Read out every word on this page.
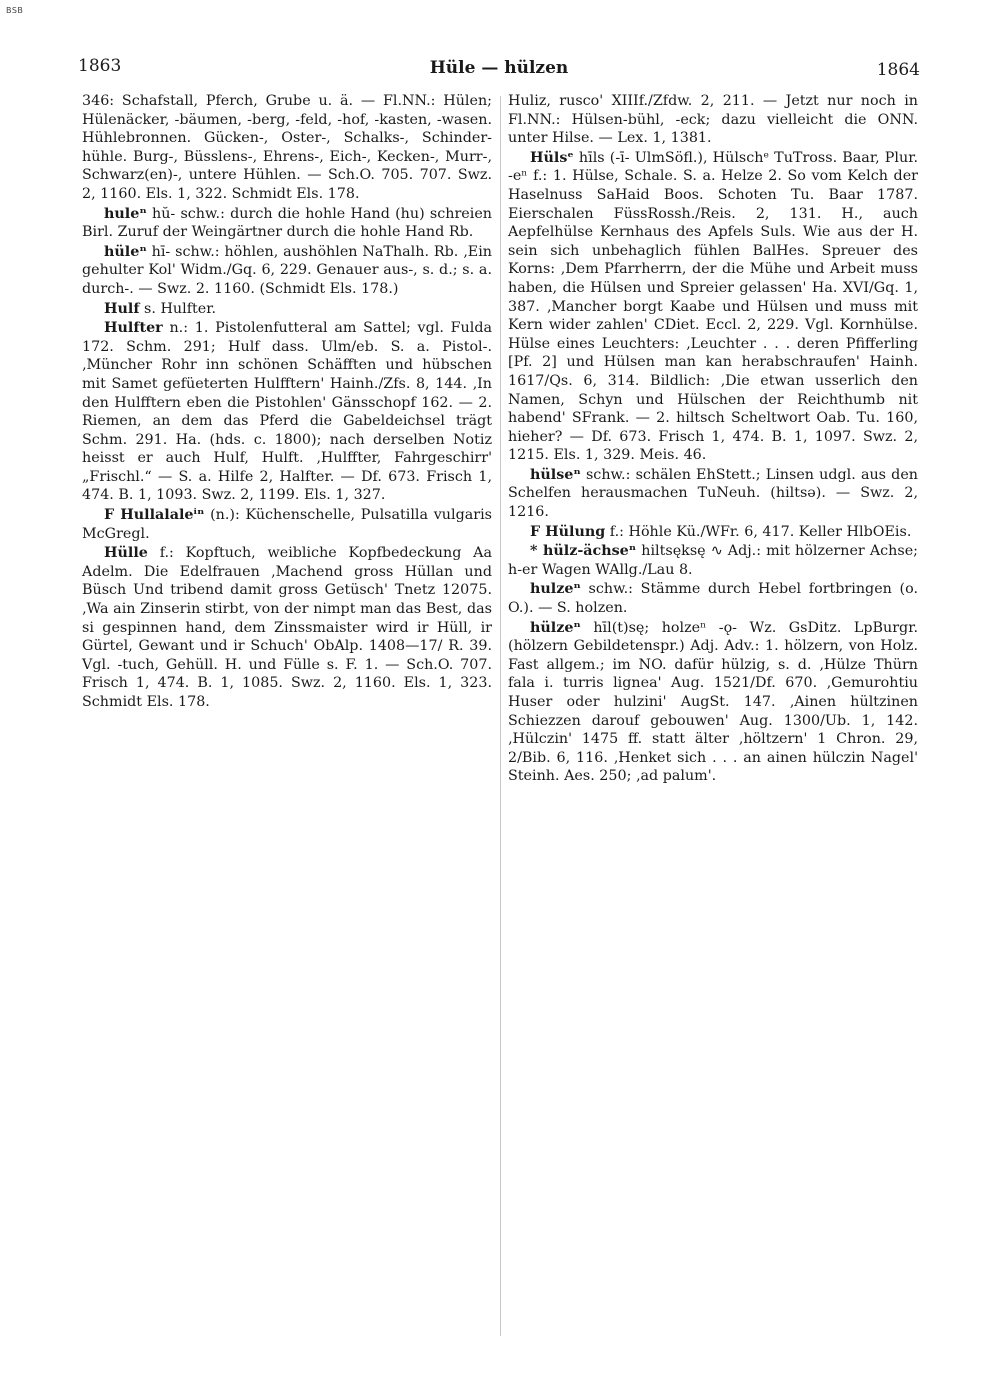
BSB
1863	Hüle — hülzen	1864

346: Schafstall, Pferch, Grube u. ä. — Fl.NN.: Hülen; Hülenäcker, -bäumen, -berg, -feld, -hof, -kasten, -wasen. Hühlebronnen. Gücken-, Oster-, Schalks-, Schinder-hühle. Burg-, Büsslens-, Ehrens-, Eich-, Kecken-, Murr-, Schwarz(en)-, untere Hühlen. — Sch.O. 705. 707. Swz. 2, 1160. Els. 1, 322. Schmidt Els. 178.

huleⁿ hŭ- schw.: durch die hohle Hand (hu) schreien Birl. Zuruf der Weingärtner durch die hohle Hand Rb.

hüleⁿ hī- schw.: höhlen, aushöhlen NaThalh. Rb. ‚Ein gehulter Kol' Widm./Gq. 6, 229. Genauer aus-, s. d.; s. a. durch-. — Swz. 2. 1160. (Schmidt Els. 178.)

Hulf s. Hulfter.

Hulfter n.: 1. Pistolenfutteral am Sattel; vgl. Fulda 172. Schm. 291; Hulf dass. Ulm/eb. S. a. Pistol-. ‚Müncher Rohr inn schönen Schäfften und hübschen mit Samet gefüeterten Hulfftern' Hainh./Zfs. 8, 144. ‚In den Hulfftern eben die Pistohlen' Gänsschopf 162. — 2. Riemen, an dem das Pferd die Gabeldeichsel trägt Schm. 291. Ha. (hds. c. 1800); nach derselben Notiz heisst er auch Hulf, Hulft. ‚Hulffter, Fahrgeschirr' „Frischl.“ — S. a. Hilfe 2, Halfter. — Df. 673. Frisch 1, 474. B. 1, 1093. Swz. 2, 1199. Els. 1, 327.

F Hullalaleⁱⁿ (n.): Küchenschelle, Pulsatilla vulgaris McGregl.

Hülle f.: Kopftuch, weibliche Kopfbedeckung Aa Adelm. Die Edelfrauen ‚Machend gross Hüllan und Büsch Und tribend damit gross Getüsch' Tnetz 12075. ‚Wa ain Zinserin stirbt, von der nimpt man das Best, das si gespinnen hand, dem Zinssmaister wird ir Hüll, ir Gürtel, Gewant und ir Schuch' ObAlp. 1408—17/ R. 39. Vgl. -tuch, Gehüll. H. und Fülle s. F. 1. — Sch.O. 707. Frisch 1, 474. B. 1, 1085. Swz. 2, 1160. Els. 1, 323. Schmidt Els. 178.

Huliz, rusco' XIIIf./Zfdw. 2, 211. — Jetzt nur noch in Fl.NN.: Hülsen-bühl, -eck; dazu vielleicht die ONN. unter Hilse. — Lex. 1, 1381.

Hülsᵉ hīls (-ī- UlmSöfl.), Hülschᵉ TuTross. Baar, Plur. -eⁿ f.: 1. Hülse, Schale. S. a. Helze 2. So vom Kelch der Haselnuss SaHaid Boos. Schoten Tu. Baar 1787. Eierschalen FüssRossh./Reis. 2, 131. H., auch Aepfelhülse Kernhaus des Apfels Suls. Wie aus der H. sein sich unbehaglich fühlen BalHes. Spreuer des Korns: ‚Dem Pfarrherrn, der die Mühe und Arbeit muss haben, die Hülsen und Spreier gelassen' Ha. XVI/Gq. 1, 387. ‚Mancher borgt Kaabe und Hülsen und muss mit Kern wider zahlen' CDiet. Eccl. 2, 229. Vgl. Kornhülse. Hülse eines Leuchters: ‚Leuchter . . . deren Pfifferling [Pf. 2] und Hülsen man kan herabschraufen' Hainh. 1617/Qs. 6, 314. Bildlich: ‚Die etwan usserlich den Namen, Schyn und Hülschen der Reichthumb nit habend' SFrank. — 2. hiltsch Scheltwort Oab. Tu. 160, hieher? — Df. 673. Frisch 1, 474. B. 1, 1097. Swz. 2, 1215. Els. 1, 329. Meis. 46.

hülseⁿ schw.: schälen EhStett.; Linsen udgl. aus den Schelfen herausmachen TuNeuh. (hiltsə). — Swz. 2, 1216.

F Hülung f.: Höhle Kü./WFr. 6, 417. Keller HlbOEis.

* hülz-ächseⁿ hiltsęksę ∿ Adj.: mit hölzerner Achse; h-er Wagen WAllg./Lau 8.

hulzeⁿ schw.: Stämme durch Hebel fortbringen (o. O.). — S. holzen.

hülzeⁿ hīl(t)sę; holzeⁿ -ǫ- Wz. GsDitz. LpBurgr. (hölzern Gebildetenspr.) Adj. Adv.: 1. hölzern, von Holz. Fast allgem.; im NO. dafür hülzig, s. d. ‚Hülze Thürn fala i. turris lignea' Aug. 1521/Df. 670. ‚Gemurohtiu Huser oder hulzini' AugSt. 147. ‚Ainen hültzinen Schiezzen darouf gebouwen' Aug. 1300/Ub. 1, 142. ‚Hülczin' 1475 ff. statt älter ‚höltzern' 1 Chron. 29, 2/Bib. 6, 116. ‚Henket sich . . . an ainen hülczin Nagel' Steinh. Aes. 250; ‚ad palum'.
